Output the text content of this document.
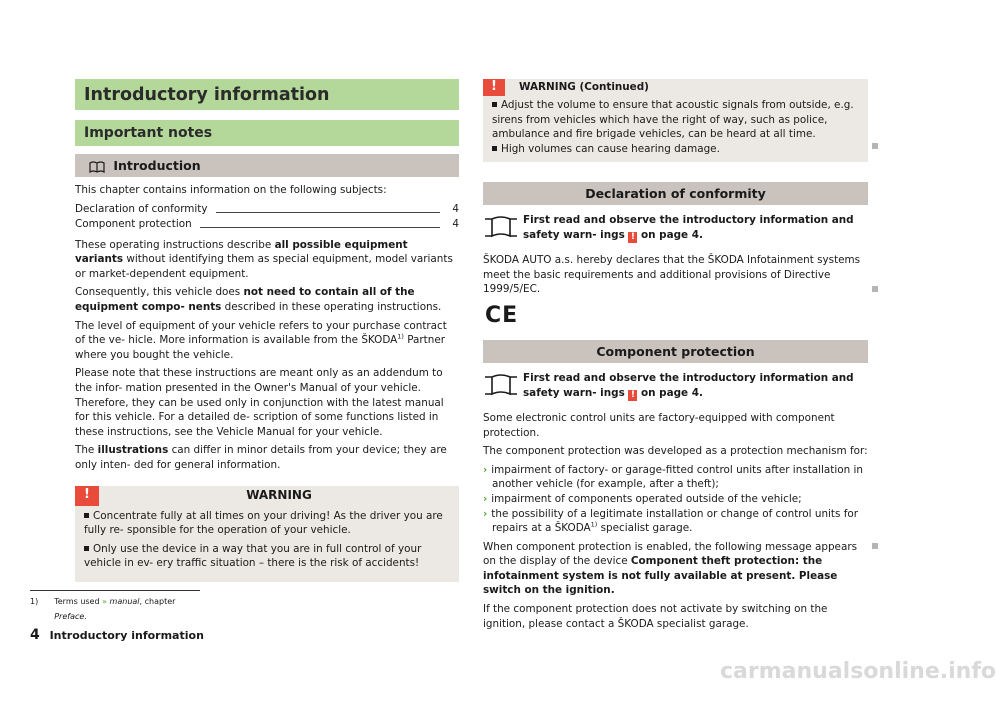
Introductory information
Important notes
Introduction

This chapter contains information on the following subjects:

Declaration of conformity	4
Component protection	4

These operating instructions describe all possible equipment variants without identifying them as special equipment, model variants or market-dependent equipment.

Consequently, this vehicle does not need to contain all of the equipment compo- nents described in these operating instructions.

The level of equipment of your vehicle refers to your purchase contract of the ve- hicle. More information is available from the ŠKODA$^{1)}$ Partner where you bought the vehicle.

Please note that these instructions are meant only as an addendum to the infor- mation presented in the Owner's Manual of your vehicle. Therefore, they can be used only in conjunction with the latest manual for this vehicle. For a detailed de- scription of some functions listed in these instructions, see the Vehicle Manual for your vehicle.

The illustrations can differ in minor details from your device; they are only inten- ded for general information.

!	WARNING

Concentrate fully at all times on your driving! As the driver you are fully re- sponsible for the operation of your vehicle.

Only use the device in a way that you are in full control of your vehicle in ev- ery traffic situation – there is the risk of accidents!

!	WARNING (Continued)

Adjust the volume to ensure that acoustic signals from outside, e.g. sirens from vehicles which have the right of way, such as police, ambulance and fire brigade vehicles, can be heard at all time.

High volumes can cause hearing damage.

Declaration of conformity
First read and observe the introductory information and safety warn- ings ! on page 4.

ŠKODA AUTO a.s. hereby declares that the ŠKODA Infotainment systems meet the basic requirements and additional provisions of Directive 1999/5/EC.

CE
Component protection
First read and observe the introductory information and safety warn- ings ! on page 4.

Some electronic control units are factory-equipped with component protection.

The component protection was developed as a protection mechanism for:

› impairment of factory- or garage-fitted control units after installation in another vehicle (for example, after a theft);

› impairment of components operated outside of the vehicle;

› the possibility of a legitimate installation or change of control units for repairs at a ŠKODA$^{1)}$ specialist garage.

When component protection is enabled, the following message appears on the display of the device Component theft protection: the infotainment system is not fully available at present. Please switch on the ignition.

If the component protection does not activate by switching on the ignition, please contact a ŠKODA specialist garage.

1) Terms used » manual, chapter Preface.
4 Introductory information
carmanualsonline.info
